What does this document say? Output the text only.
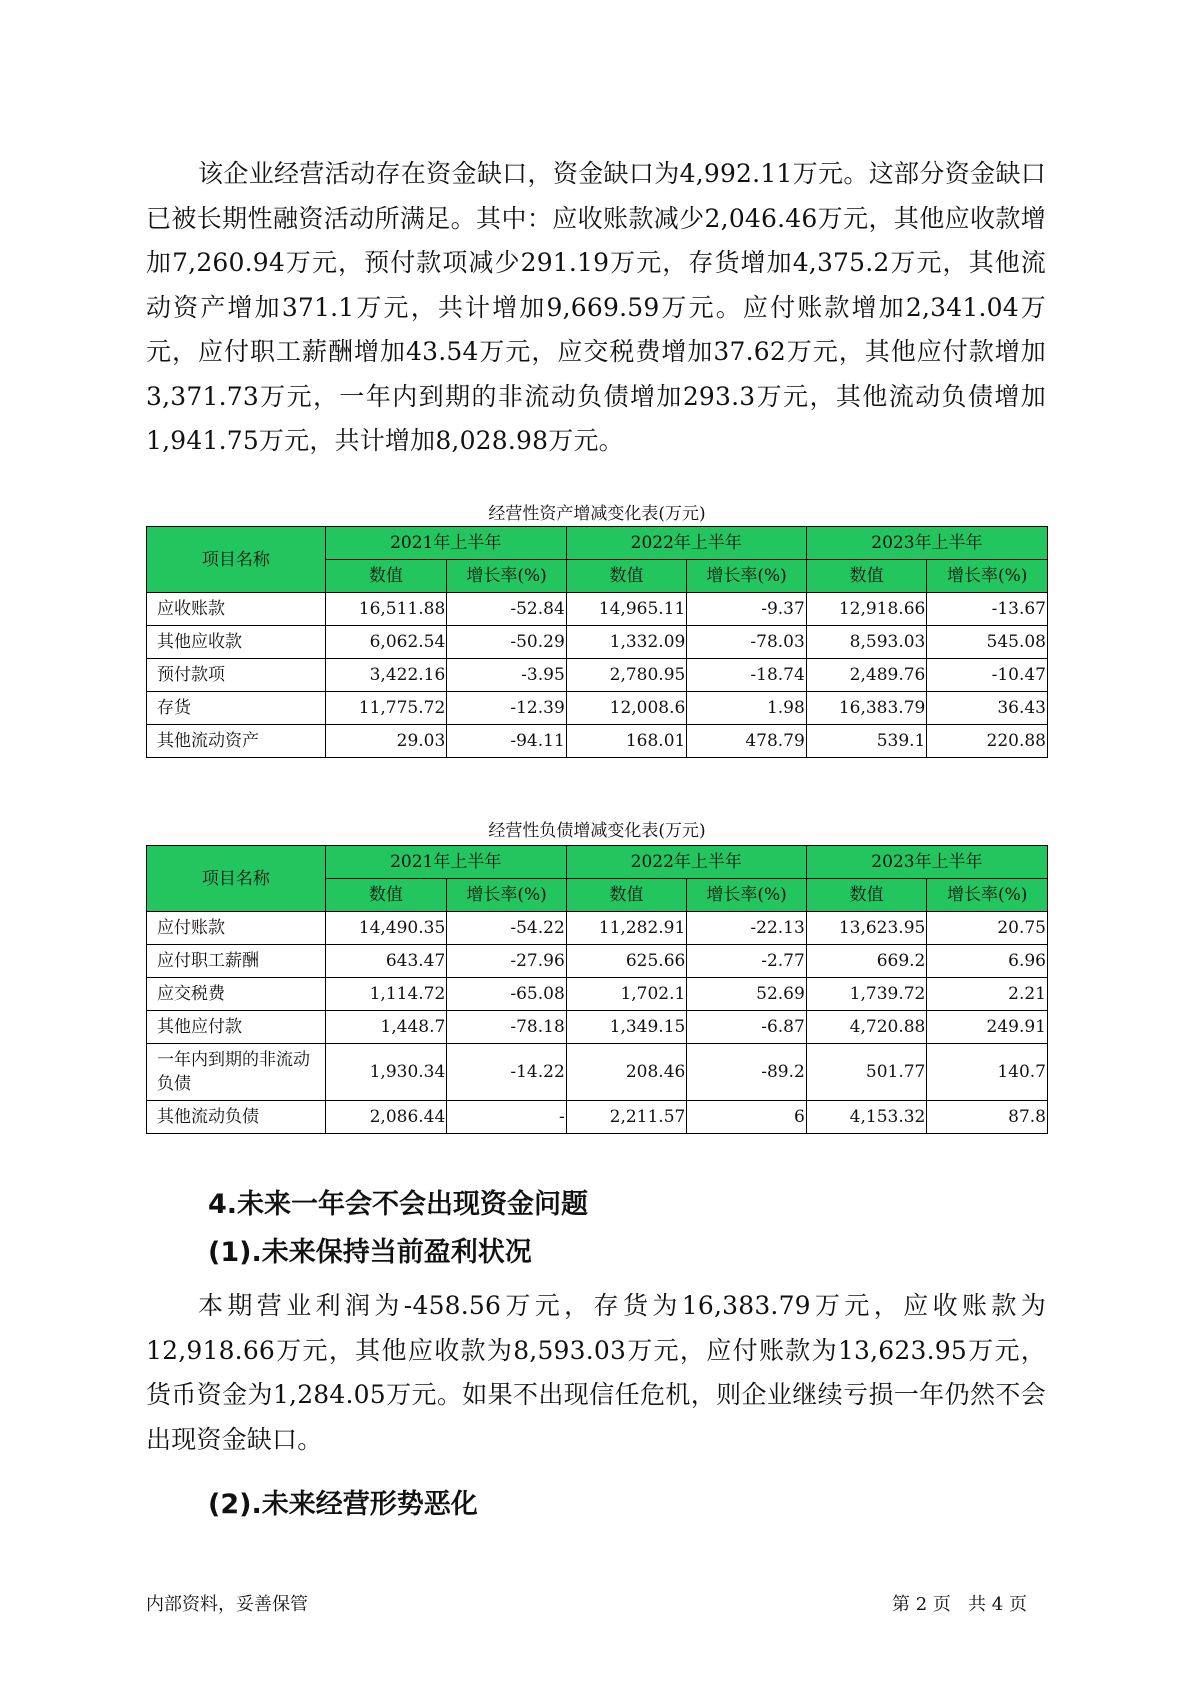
该企业经营活动存在资金缺口，资金缺口为4,992.11万元。这部分资金缺口已被长期性融资活动所满足。其中：应收账款减少2,046.46万元，其他应收款增加7,260.94万元，预付款项减少291.19万元，存货增加4,375.2万元，其他流动资产增加371.1万元，共计增加9,669.59万元。应付账款增加2,341.04万元，应付职工薪酬增加43.54万元，应交税费增加37.62万元，其他应付款增加3,371.73万元，一年内到期的非流动负债增加293.3万元，其他流动负债增加1,941.75万元，共计增加8,028.98万元。

经营性资产增减变化表(万元)
项目名称	2021年上半年		2022年上半年		2023年上半年	
	数值	增长率(%)	数值	增长率(%)	数值	增长率(%)
应收账款	16,511.88	-52.84	14,965.11	-9.37	12,918.66	-13.67
其他应收款	6,062.54	-50.29	1,332.09	-78.03	8,593.03	545.08
预付款项	3,422.16	-3.95	2,780.95	-18.74	2,489.76	-10.47
存货	11,775.72	-12.39	12,008.6	1.98	16,383.79	36.43
其他流动资产	29.03	-94.11	168.01	478.79	539.1	220.88
经营性负债增减变化表(万元)
项目名称	2021年上半年		2022年上半年		2023年上半年	
	数值	增长率(%)	数值	增长率(%)	数值	增长率(%)
应付账款	14,490.35	-54.22	11,282.91	-22.13	13,623.95	20.75
应付职工薪酬	643.47	-27.96	625.66	-2.77	669.2	6.96
应交税费	1,114.72	-65.08	1,702.1	52.69	1,739.72	2.21
其他应付款	1,448.7	-78.18	1,349.15	-6.87	4,720.88	249.91
一年内到期的非流动负债	1,930.34	-14.22	208.46	-89.2	501.77	140.7
其他流动负债	2,086.44	-	2,211.57	6	4,153.32	87.8
4.未来一年会不会出现资金问题
(1).未来保持当前盈利状况

本期营业利润为-458.56万元，存货为16,383.79万元，应收账款为12,918.66万元，其他应收款为8,593.03万元，应付账款为13,623.95万元，货币资金为1,284.05万元。如果不出现信任危机，则企业继续亏损一年仍然不会出现资金缺口。

(2).未来经营形势恶化
内部资料，妥善保管	第 2 页   共 4 页
